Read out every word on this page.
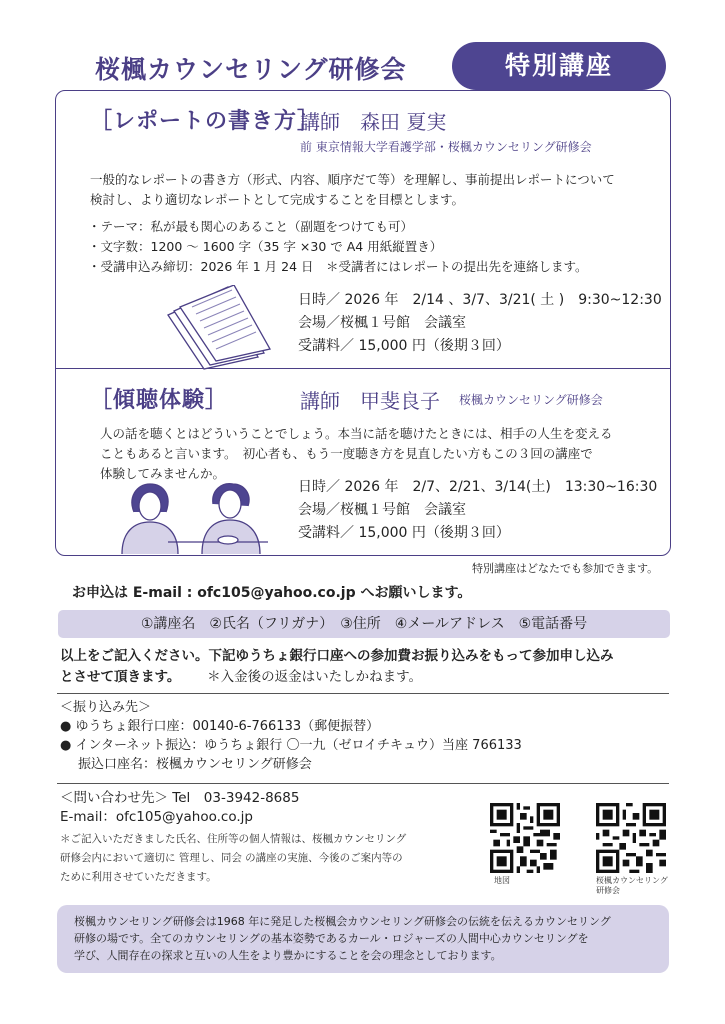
桜楓カウンセリング研修会	特別講座
［レポートの書き方］
講師　森田 夏実
前 東京情報大学看護学部・桜楓カウンセリング研修会
一般的なレポートの書き方（形式、内容、順序だて等）を理解し、事前提出レポートについて
検討し、より適切なレポートとして完成することを目標とします。
・テーマ：私が最も関心のあること（副題をつけても可）
・文字数：1200 ～ 1600 字（35 字 ×30 で A4 用紙縦置き）
・受講申込み締切：2026 年 1 月 24 日　＊受講者にはレポートの提出先を連絡します。
日時／ 2026 年　2/14 、3/7、3/21( 土 )　9:30~12:30
会場／桜楓１号館　会議室
受講料／ 15,000 円（後期３回）
［傾聴体験］	講師　甲斐良子 桜楓カウンセリング研修会
人の話を聴くとはどういうことでしょう。本当に話を聴けたときには、相手の人生を変える
こともあると言います。　初心者も、もう一度聴き方を見直したい方もこの３回の講座で
体験してみませんか。
日時／ 2026 年　2/7、2/21、3/14(土)　13:30~16:30
会場／桜楓１号館　会議室
受講料／ 15,000 円（後期３回）
特別講座はどなたでも参加できます。
お申込は E-mail : ofc105@yahoo.co.jp へお願いします。
①講座名　②氏名（フリガナ）　③住所　④メールアドレス　⑤電話番号
以上をご記入ください。下記ゆうちょ銀行口座への参加費お振り込みをもって参加申し込み
とさせて頂きます。 ＊入金後の返金はいたしかねます。
＜振り込み先＞
● ゆうちょ銀行口座：00140-6-766133（郵便振替）
● インターネット振込：ゆうちょ銀行 〇一九（ゼロイチキュウ）当座 766133
振込口座名：桜楓カウンセリング研修会
＜問い合わせ先＞ Tel　03-3942-8685
E-mail：ofc105@yahoo.co.jp
＊ご記入いただきました氏名、住所等の個人情報は、桜楓カウンセリング
研修会内において適切に 管理し、同会 の講座の実施、今後のご案内等の
ために利用させていただきます。	地図	桜楓カウンセリング
研修会
桜楓カウンセリング研修会は1968 年に発足した桜楓会カウンセリング研修会の伝統を伝えるカウンセリング
研修の場です。全てのカウンセリングの基本姿勢であるカール・ロジャーズの人間中心カウンセリングを
学び、人間存在の探求と互いの人生をより豊かにすることを会の理念としております。
